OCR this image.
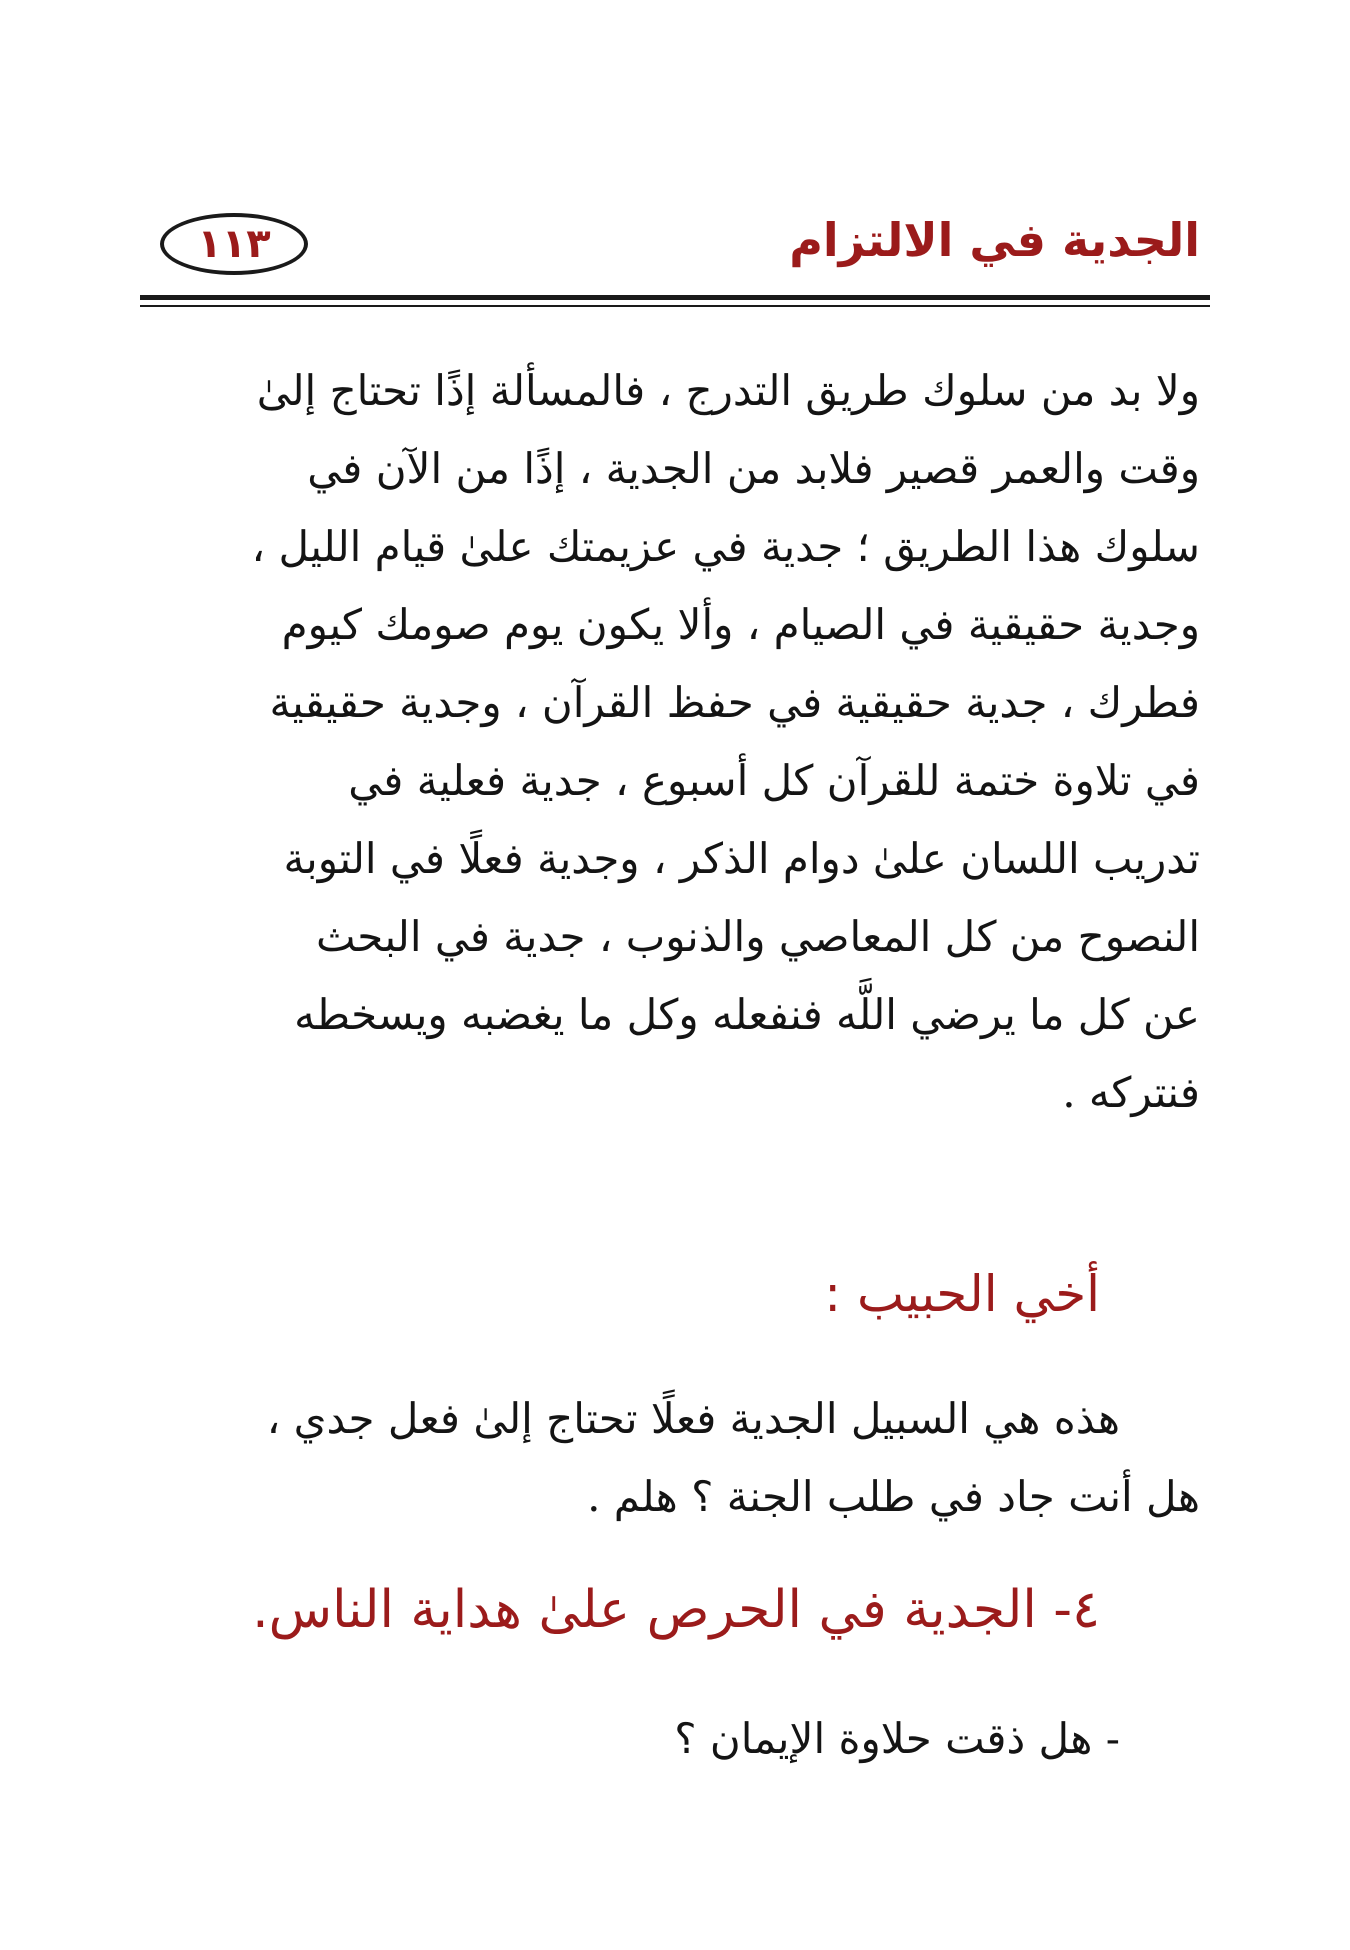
الجدية في الالتزام
١١٣
ولا بد من سلوك طريق التدرج ، فالمسألة إذًا تحتاج إلىٰ
وقت والعمر قصير فلابد من الجدية ، إذًا من الآن في
سلوك هذا الطريق ؛ جدية في عزيمتك علىٰ قيام الليل ،
وجدية حقيقية في الصيام ، وألا يكون يوم صومك كيوم
فطرك ، جدية حقيقية في حفظ القرآن ، وجدية حقيقية
في تلاوة ختمة للقرآن كل أسبوع ، جدية فعلية في
تدريب اللسان علىٰ دوام الذكر ، وجدية فعلًا في التوبة
النصوح من كل المعاصي والذنوب ، جدية في البحث
عن كل ما يرضي اللَّه فنفعله وكل ما يغضبه ويسخطه
فنتركه .
أخي الحبيب :
هذه هي السبيل الجدية فعلًا تحتاج إلىٰ فعل جدي ،
هل أنت جاد في طلب الجنة ؟ هلم .
٤- الجدية في الحرص علىٰ هداية الناس.
- هل ذقت حلاوة الإيمان ؟
